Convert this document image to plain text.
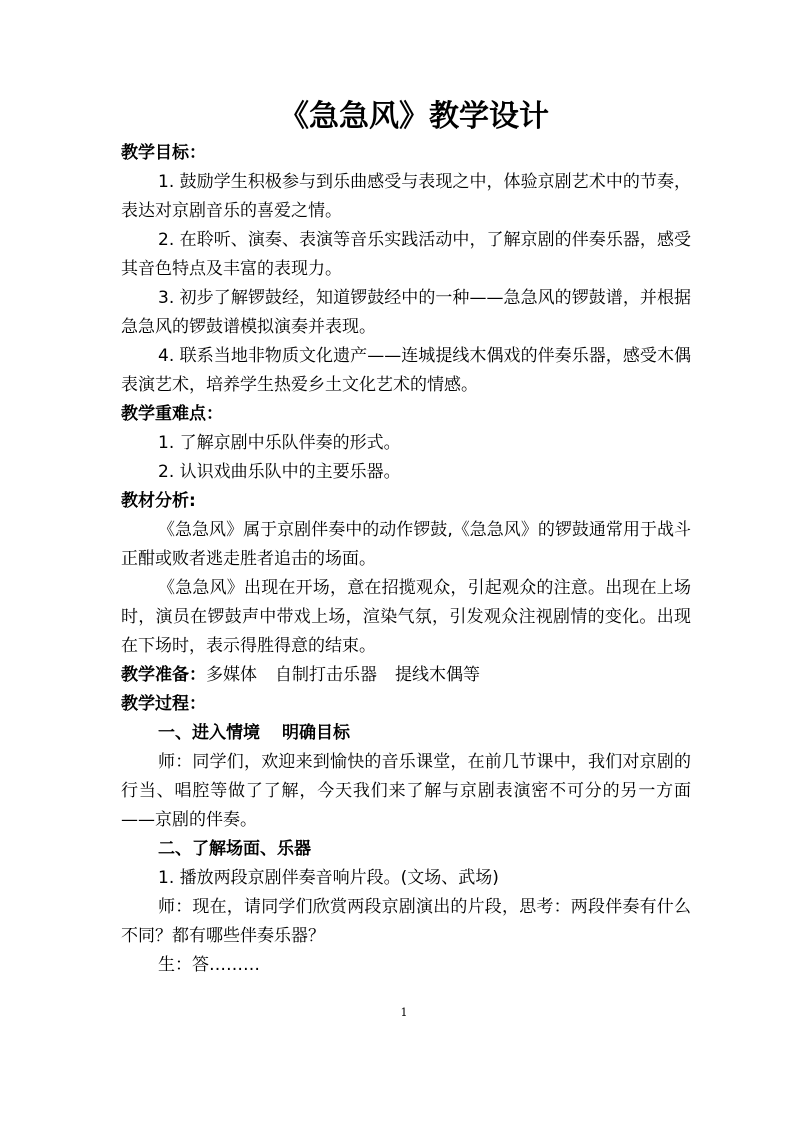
《急急风》教学设计
教学目标：
1. 鼓励学生积极参与到乐曲感受与表现之中，体验京剧艺术中的节奏，表达对京剧音乐的喜爱之情。
2. 在聆听、演奏、表演等音乐实践活动中，了解京剧的伴奏乐器，感受其音色特点及丰富的表现力。
3. 初步了解锣鼓经，知道锣鼓经中的一种——急急风的锣鼓谱，并根据急急风的锣鼓谱模拟演奏并表现。
4. 联系当地非物质文化遗产——连城提线木偶戏的伴奏乐器，感受木偶表演艺术，培养学生热爱乡土文化艺术的情感。
教学重难点：
1. 了解京剧中乐队伴奏的形式。
2. 认识戏曲乐队中的主要乐器。
教材分析:
《急急风》属于京剧伴奏中的动作锣鼓,《急急风》的锣鼓通常用于战斗正酣或败者逃走胜者追击的场面。
《急急风》出现在开场，意在招揽观众，引起观众的注意。出现在上场时，演员在锣鼓声中带戏上场，渲染气氛，引发观众注视剧情的变化。出现在下场时，表示得胜得意的结束。
教学准备：多媒体 自制打击乐器 提线木偶等
教学过程：
一、进入情境 明确目标
师：同学们，欢迎来到愉快的音乐课堂，在前几节课中，我们对京剧的行当、唱腔等做了了解，今天我们来了解与京剧表演密不可分的另一方面——京剧的伴奏。
二、了解场面、乐器
1. 播放两段京剧伴奏音响片段。(文场、武场)
师：现在，请同学们欣赏两段京剧演出的片段，思考：两段伴奏有什么不同？都有哪些伴奏乐器？
生：答………
1
